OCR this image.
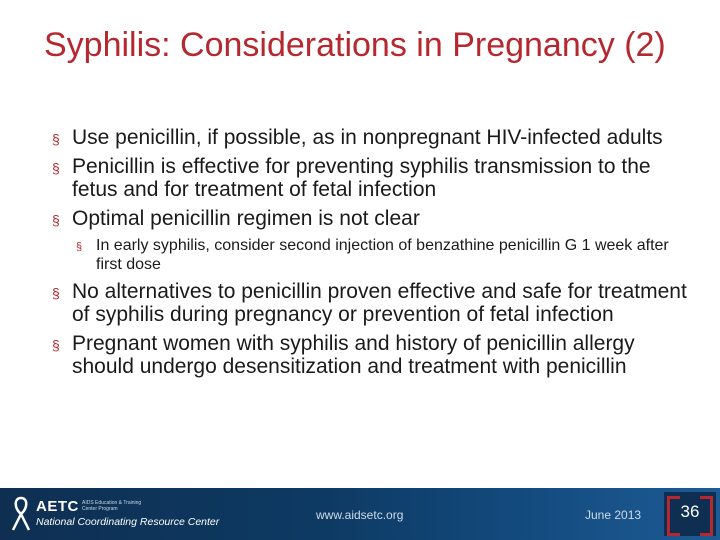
Syphilis: Considerations in Pregnancy (2)

§ Use penicillin, if possible, as in nonpregnant HIV-infected adults

§ Penicillin is effective for preventing syphilis transmission to the fetus and for treatment of fetal infection

§ Optimal penicillin regimen is not clear

§ In early syphilis, consider second injection of benzathine penicillin G 1 week after first dose

§ No alternatives to penicillin proven effective and safe for treatment of syphilis during pregnancy or prevention of fetal infection

§ Pregnant women with syphilis and history of penicillin allergy should undergo desensitization and treatment with penicillin

AETC AIDS Education & Training Center Program
National Coordinating Resource Center	www.aidsetc.org	June 2013	36
